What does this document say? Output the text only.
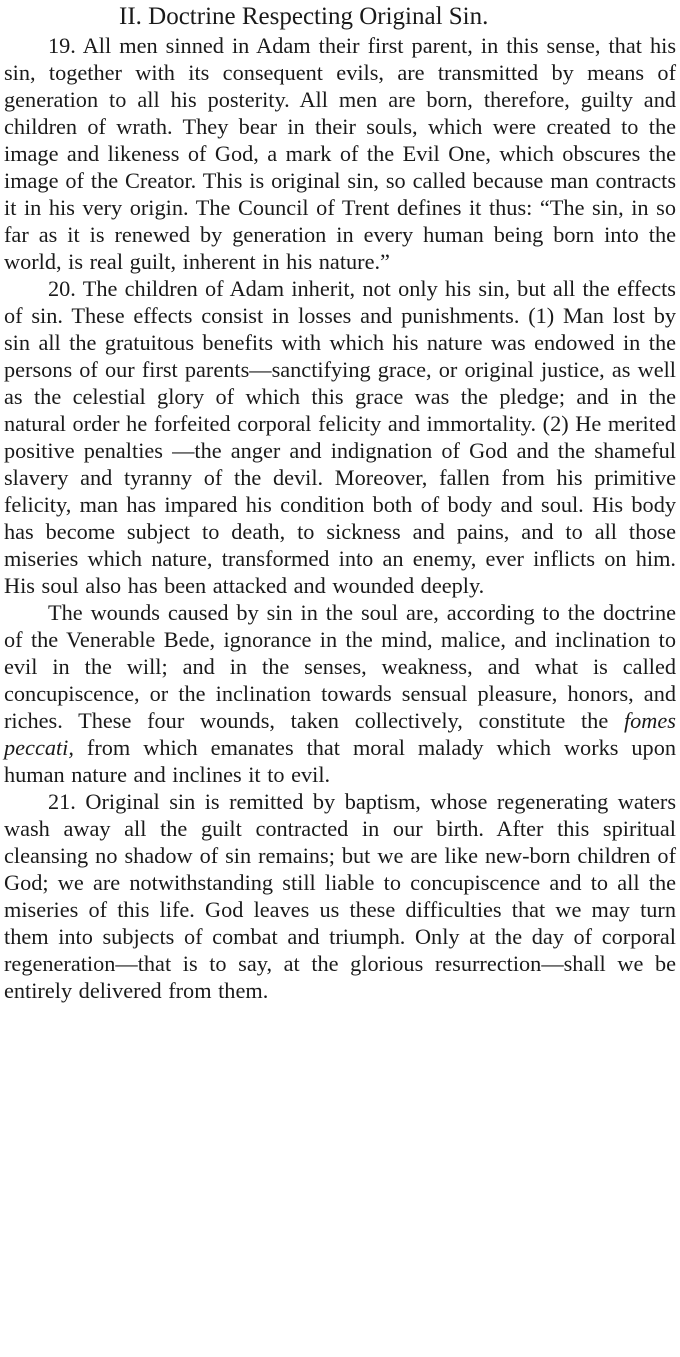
II. Doctrine Respecting Original Sin.

19. All men sinned in Adam their first parent, in this sense, that his sin, together with its consequent evils, are transmitted by means of generation to all his posterity. All men are born, therefore, guilty and children of wrath. They bear in their souls, which were created to the image and likeness of God, a mark of the Evil One, which obscures the image of the Creator. This is original sin, so called because man contracts it in his very origin. The Council of Trent defines it thus: “The sin, in so far as it is renewed by generation in every human being born into the world, is real guilt, inherent in his nature.”

20. The children of Adam inherit, not only his sin, but all the effects of sin. These effects consist in losses and punishments. (1) Man lost by sin all the gratuitous benefits with which his nature was endowed in the persons of our first parents—sanctifying grace, or original justice, as well as the celestial glory of which this grace was the pledge; and in the natural order he forfeited corporal felicity and immortality. (2) He merited positive penalties —the anger and indignation of God and the shameful slavery and tyranny of the devil. Moreover, fallen from his primitive felicity, man has impared his condition both of body and soul. His body has become subject to death, to sickness and pains, and to all those miseries which nature, transformed into an enemy, ever inflicts on him. His soul also has been attacked and wounded deeply.

The wounds caused by sin in the soul are, according to the doctrine of the Venerable Bede, ignorance in the mind, malice, and inclination to evil in the will; and in the senses, weakness, and what is called concupiscence, or the inclination towards sensual pleasure, honors, and riches. These four wounds, taken collectively, constitute the fomes peccati, from which emanates that moral malady which works upon human nature and inclines it to evil.

21. Original sin is remitted by baptism, whose regenerating waters wash away all the guilt contracted in our birth. After this spiritual cleansing no shadow of sin remains; but we are like new-born children of God; we are notwithstanding still liable to concupiscence and to all the miseries of this life. God leaves us these difficulties that we may turn them into subjects of combat and triumph. Only at the day of corporal regeneration—that is to say, at the glorious resurrection—shall we be entirely delivered from them.
